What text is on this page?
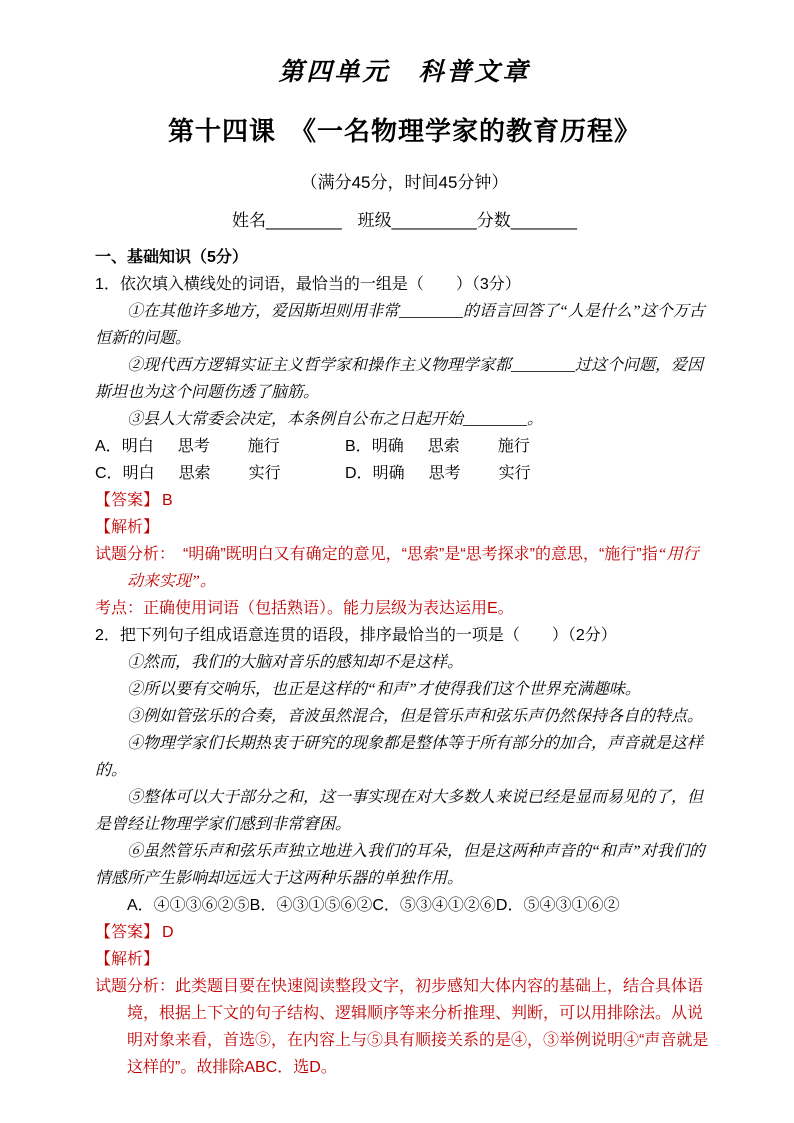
第四单元　科普文章
第十四课　《一名物理学家的教育历程》
（满分45分，时间45分钟）
姓名________ 班级_________分数_______
一、基础知识（5分）
1．依次填入横线处的词语，最恰当的一组是（　　）（3分）

①在其他许多地方，爱因斯坦则用非常________的语言回答了“人是什么”这个万古恒新的问题。

②现代西方逻辑实证主义哲学家和操作主义物理学家都________过这个问题，爱因斯坦也为这个问题伤透了脑筋。

③县人大常委会决定，本条例自公布之日起开始________。

A．明白 思考 施行	B．明确 思索 施行
C．明白 思索 实行	D．明确 思考 实行
【答案】 B
【解析】

试题分析：　“明确”既明白又有确定的意见，“思索”是“思考探求”的意思，“施行”指“用行动来实现”。

考点：正确使用词语（包括熟语）。能力层级为表达运用E。
2．把下列句子组成语意连贯的语段，排序最恰当的一项是（　　）（2分）

①然而，我们的大脑对音乐的感知却不是这样。

②所以要有交响乐，也正是这样的“和声”才使得我们这个世界充满趣味。

③例如管弦乐的合奏，音波虽然混合，但是管乐声和弦乐声仍然保持各自的特点。

④物理学家们长期热衷于研究的现象都是整体等于所有部分的加合，声音就是这样的。

⑤整体可以大于部分之和，这一事实现在对大多数人来说已经是显而易见的了，但是曾经让物理学家们感到非常窘困。

⑥虽然管乐声和弦乐声独立地进入我们的耳朵，但是这两种声音的“和声”对我们的情感所产生影响却远远大于这两种乐器的单独作用。

A．④①③⑥②⑤B．④③①⑤⑥②C．⑤③④①②⑥D．⑤④③①⑥②
【答案】 D
【解析】

试题分析：此类题目要在快速阅读整段文字，初步感知大体内容的基础上，结合具体语境，根据上下文的句子结构、逻辑顺序等来分析推理、判断，可以用排除法。从说明对象来看，首选⑤，在内容上与⑤具有顺接关系的是④，③举例说明④“声音就是这样的”。故排除ABC．选D。
